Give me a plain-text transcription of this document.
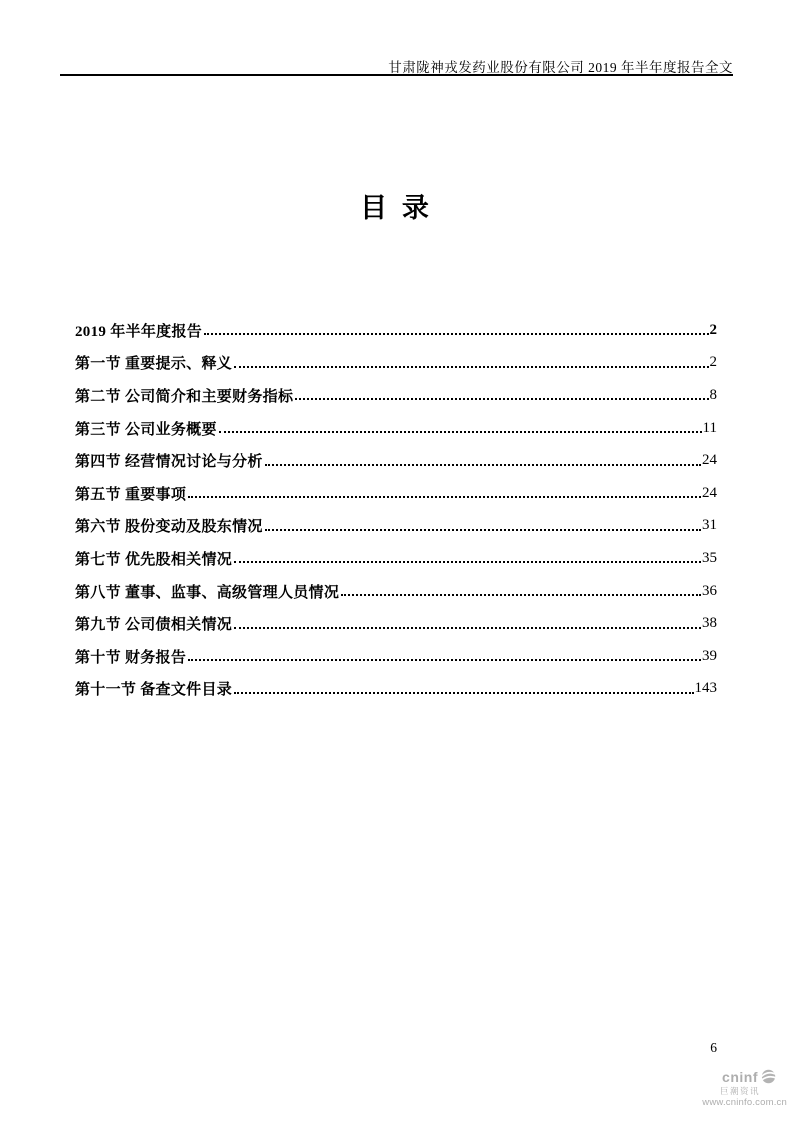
甘肃陇神戎发药业股份有限公司 2019 年半年度报告全文
目 录
2019 年半年度报告	2
第一节 重要提示、释义	2
第二节 公司简介和主要财务指标	8
第三节 公司业务概要	11
第四节 经营情况讨论与分析	24
第五节 重要事项	24
第六节 股份变动及股东情况	31
第七节 优先股相关情况	35
第八节 董事、监事、高级管理人员情况	36
第九节 公司债相关情况	38
第十节 财务报告	39
第十一节 备查文件目录	143
6
cninf
巨潮资讯
www.cninfo.com.cn
